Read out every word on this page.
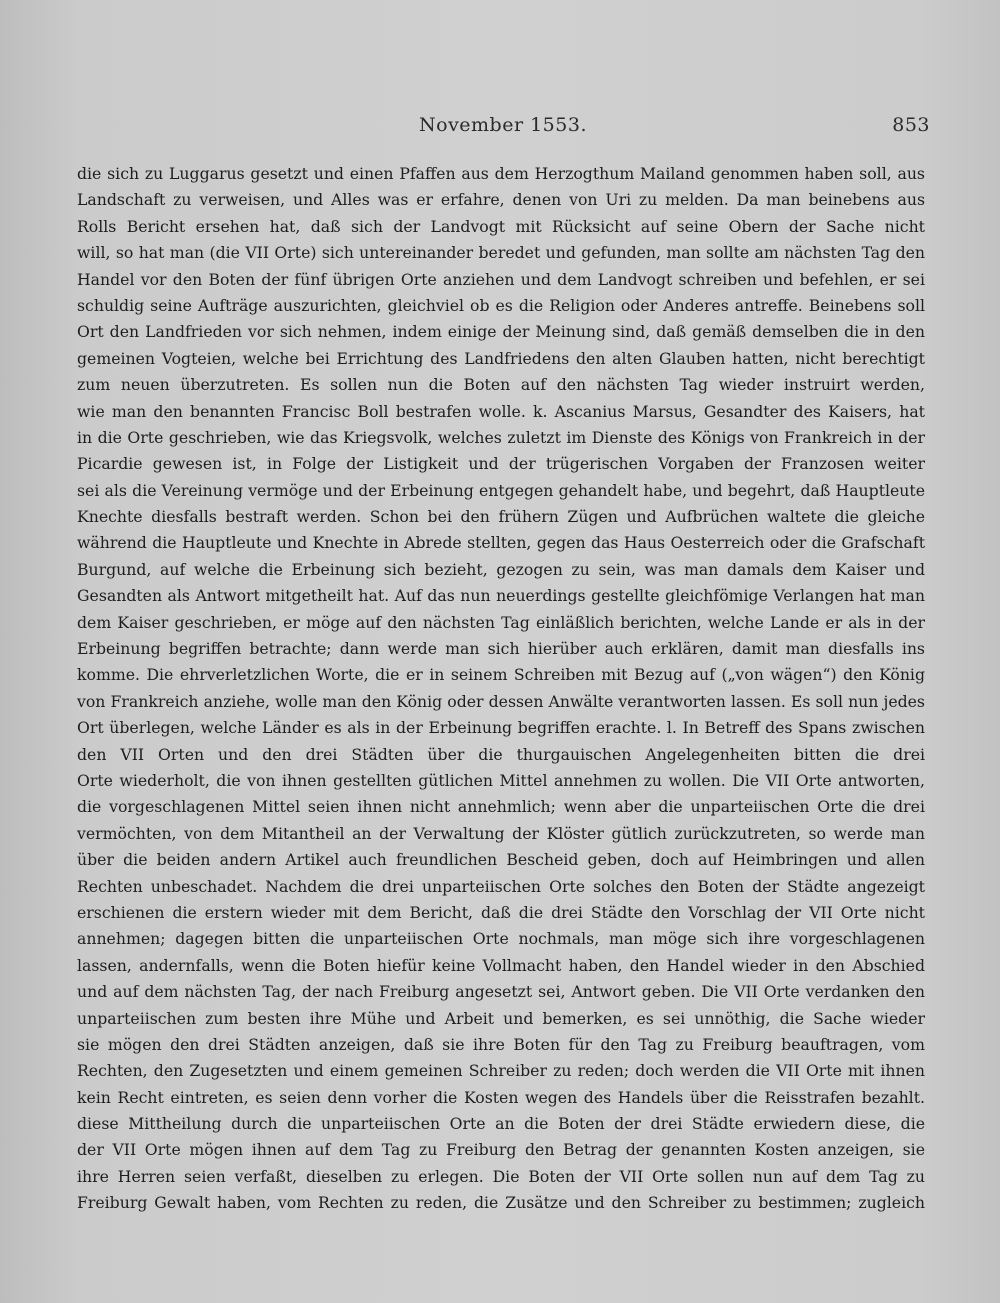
November 1553.	853
die sich zu Luggarus gesetzt und einen Pfaffen aus dem Herzogthum Mailand genommen haben soll, aus
Landschaft zu verweisen, und Alles was er erfahre, denen von Uri zu melden. Da man beinebens aus
Rolls Bericht ersehen hat, daß sich der Landvogt mit Rücksicht auf seine Obern der Sache nicht
will, so hat man (die VII Orte) sich untereinander beredet und gefunden, man sollte am nächsten Tag den
Handel vor den Boten der fünf übrigen Orte anziehen und dem Landvogt schreiben und befehlen, er sei
schuldig seine Aufträge auszurichten, gleichviel ob es die Religion oder Anderes antreffe. Beinebens soll
Ort den Landfrieden vor sich nehmen, indem einige der Meinung sind, daß gemäß demselben die in den
gemeinen Vogteien, welche bei Errichtung des Landfriedens den alten Glauben hatten, nicht berechtigt
zum neuen überzutreten. Es sollen nun die Boten auf den nächsten Tag wieder instruirt werden,
wie man den benannten Francisc Boll bestrafen wolle. k. Ascanius Marsus, Gesandter des Kaisers, hat
in die Orte geschrieben, wie das Kriegsvolk, welches zuletzt im Dienste des Königs von Frankreich in der
Picardie gewesen ist, in Folge der Listigkeit und der trügerischen Vorgaben der Franzosen weiter
sei als die Vereinung vermöge und der Erbeinung entgegen gehandelt habe, und begehrt, daß Hauptleute
Knechte diesfalls bestraft werden. Schon bei den frühern Zügen und Aufbrüchen waltete die gleiche
während die Hauptleute und Knechte in Abrede stellten, gegen das Haus Oesterreich oder die Grafschaft
Burgund, auf welche die Erbeinung sich bezieht, gezogen zu sein, was man damals dem Kaiser und
Gesandten als Antwort mitgetheilt hat. Auf das nun neuerdings gestellte gleichfömige Verlangen hat man
dem Kaiser geschrieben, er möge auf den nächsten Tag einläßlich berichten, welche Lande er als in der
Erbeinung begriffen betrachte; dann werde man sich hierüber auch erklären, damit man diesfalls ins
komme. Die ehrverletzlichen Worte, die er in seinem Schreiben mit Bezug auf („von wägen“) den König
von Frankreich anziehe, wolle man den König oder dessen Anwälte verantworten lassen. Es soll nun jedes
Ort überlegen, welche Länder es als in der Erbeinung begriffen erachte. l. In Betreff des Spans zwischen
den VII Orten und den drei Städten über die thurgauischen Angelegenheiten bitten die drei
Orte wiederholt, die von ihnen gestellten gütlichen Mittel annehmen zu wollen. Die VII Orte antworten,
die vorgeschlagenen Mittel seien ihnen nicht annehmlich; wenn aber die unparteiischen Orte die drei
vermöchten, von dem Mitantheil an der Verwaltung der Klöster gütlich zurückzutreten, so werde man
über die beiden andern Artikel auch freundlichen Bescheid geben, doch auf Heimbringen und allen
Rechten unbeschadet. Nachdem die drei unparteiischen Orte solches den Boten der Städte angezeigt
erschienen die erstern wieder mit dem Bericht, daß die drei Städte den Vorschlag der VII Orte nicht
annehmen; dagegen bitten die unparteiischen Orte nochmals, man möge sich ihre vorgeschlagenen
lassen, andernfalls, wenn die Boten hiefür keine Vollmacht haben, den Handel wieder in den Abschied
und auf dem nächsten Tag, der nach Freiburg angesetzt sei, Antwort geben. Die VII Orte verdanken den
unparteiischen zum besten ihre Mühe und Arbeit und bemerken, es sei unnöthig, die Sache wieder
sie mögen den drei Städten anzeigen, daß sie ihre Boten für den Tag zu Freiburg beauftragen, vom
Rechten, den Zugesetzten und einem gemeinen Schreiber zu reden; doch werden die VII Orte mit ihnen
kein Recht eintreten, es seien denn vorher die Kosten wegen des Handels über die Reisstrafen bezahlt.
diese Mittheilung durch die unparteiischen Orte an die Boten der drei Städte erwiedern diese, die
der VII Orte mögen ihnen auf dem Tag zu Freiburg den Betrag der genannten Kosten anzeigen, sie
ihre Herren seien verfaßt, dieselben zu erlegen. Die Boten der VII Orte sollen nun auf dem Tag zu
Freiburg Gewalt haben, vom Rechten zu reden, die Zusätze und den Schreiber zu bestimmen; zugleich
